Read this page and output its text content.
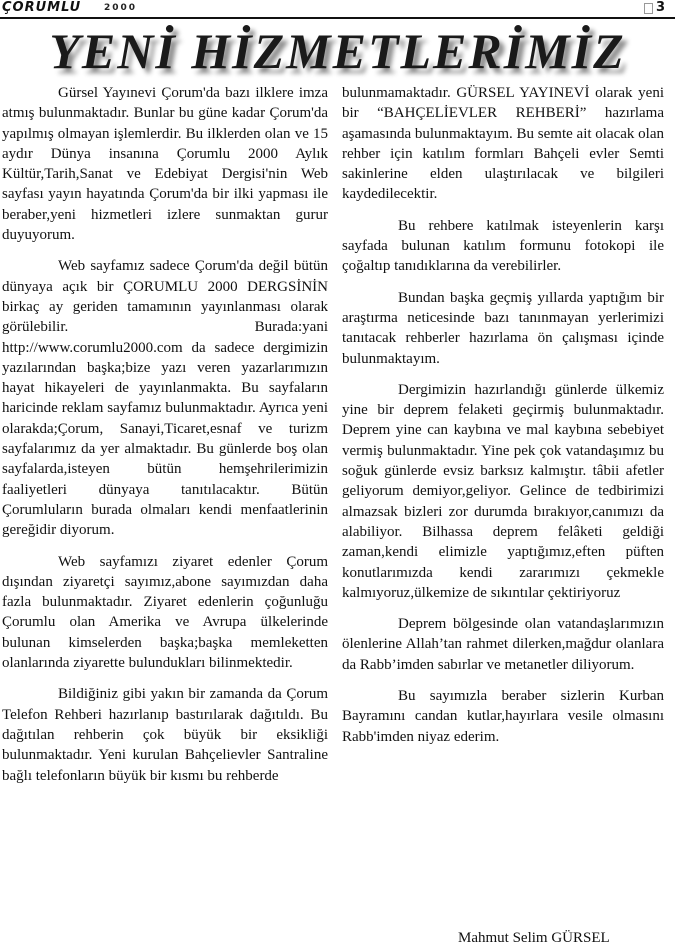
ÇORUMLU	2000	3
YENİ HİZMETLERİMİZ

Gürsel Yayınevi Çorum'da bazı ilklere imza atmış bulunmaktadır. Bunlar bu güne kadar Çorum'da yapılmış olmayan işlemlerdir. Bu ilklerden olan ve 15 aydır Dünya insanına Çorumlu 2000 Aylık Kültür,Tarih,Sanat ve Edebiyat Dergisi'nin Web sayfası yayın hayatında Çorum'da bir ilki yapması ile beraber,yeni hizmetleri izlere sunmaktan gurur duyuyorum.

Web sayfamız sadece Çorum'da değil bütün dünyaya açık bir ÇORUMLU 2000 DERGSİNİN birkaç ay geriden tamamının yayınlanması olarak görülebilir. Burada:yani http://www.corumlu2000.com da sadece dergimizin yazılarından başka;bize yazı veren yazarlarımızın hayat hikayeleri de yayınlanmakta. Bu sayfaların haricinde reklam sayfamız bulunmaktadır. Ayrıca yeni olarakda;Çorum, Sanayi,Ticaret,esnaf ve turizm sayfalarımız da yer almaktadır. Bu günlerde boş olan sayfalarda,isteyen bütün hemşehrilerimizin faaliyetleri dünyaya tanıtılacaktır. Bütün Çorumluların burada olmaları kendi menfaatlerinin gereğidir diyorum.

Web sayfamızı ziyaret edenler Çorum dışından ziyaretçi sayımız,abone sayımızdan daha fazla bulunmaktadır. Ziyaret edenlerin çoğunluğu Çorumlu olan Amerika ve Avrupa ülkelerinde bulunan kimselerden başka;başka memleketten olanlarında ziyarette bulundukları bilinmektedir.

Bildiğiniz gibi yakın bir zamanda da Çorum Telefon Rehberi hazırlanıp bastırılarak dağıtıldı. Bu dağıtılan rehberin çok büyük bir eksikliği bulunmaktadır. Yeni kurulan Bahçelievler Santraline bağlı telefonların büyük bir kısmı bu rehberde

bulunmamaktadır. GÜRSEL YAYINEVİ olarak yeni bir “BAHÇELİEVLER REHBERİ” hazırlama aşamasında bulunmaktayım. Bu semte ait olacak olan rehber için katılım formları Bahçeli evler Semti sakinlerine elden ulaştırılacak ve bilgileri kaydedilecektir.

Bu rehbere katılmak isteyenlerin karşı sayfada bulunan katılım formunu fotokopi ile çoğaltıp tanıdıklarına da verebilirler.

Bundan başka geçmiş yıllarda yaptığım bir araştırma neticesinde bazı tanınmayan yerlerimizi tanıtacak rehberler hazırlama ön çalışması içinde bulunmaktayım.

Dergimizin hazırlandığı günlerde ülkemiz yine bir deprem felaketi geçirmiş bulunmaktadır. Deprem yine can kaybına ve mal kaybına sebebiyet vermiş bulunmaktadır. Yine pek çok vatandaşımız bu soğuk günlerde evsiz barksız kalmıştır. tâbii afetler geliyorum demiyor,geliyor. Gelince de tedbirimizi almazsak bizleri zor durumda bırakıyor,canımızı da alabiliyor. Bilhassa deprem felâketi geldiği zaman,kendi elimizle yaptığımız,eften püften konutlarımızda kendi zararımızı çekmekle kalmıyoruz,ülkemize de sıkıntılar çektiriyoruz

Deprem bölgesinde olan vatandaşlarımızın ölenlerine Allah’tan rahmet dilerken,mağdur olanlara da Rabb’imden sabırlar ve metanetler diliyorum.

Bu sayımızla beraber sizlerin Kurban Bayramını candan kutlar,hayırlara vesile olmasını Rabb'imden niyaz ederim.

Mahmut Selim GÜRSEL
